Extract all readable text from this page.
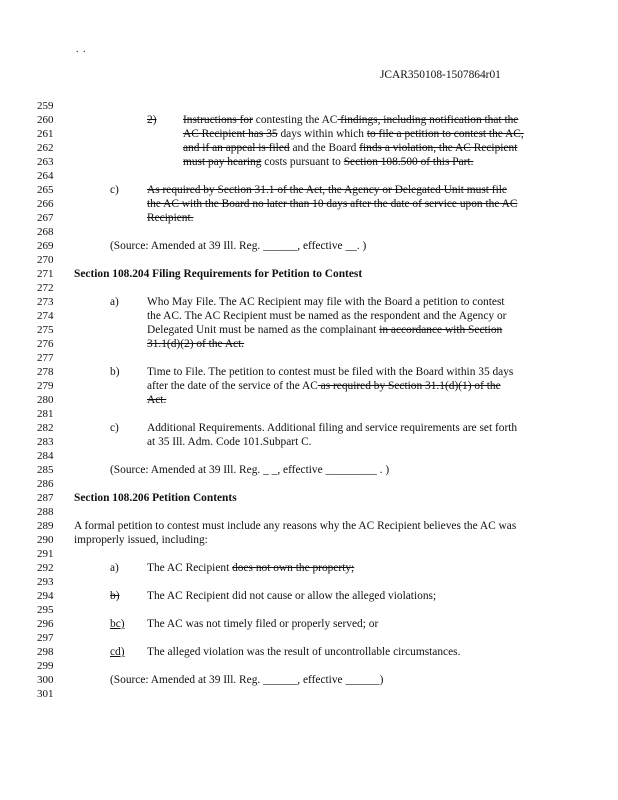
. .
JCAR350108-1507864r01
259
260
261
262
263
264
265
266
267
268
269
270
271
272
273
274
275
276
277
278
279
280
281
282
283
284
285
286
287
288
289
290
291
292
293
294
295
296
297
298
299
300
301
2) Instructions for contesting the AC findings, including notification that the
AC Recipient has 35 days within which to file a petition to contest the AC,
and if an appeal is filed and the Board finds a violation, the AC Recipient
must pay hearing costs pursuant to Section 108.500 of this Part.
c) As required by Section 31.1 of the Act, the Agency or Delegated Unit must file
the AC with the Board no later than 10 days after the date of service upon the AC
Recipient.
(Source: Amended at 39 Ill. Reg. ______, effective __. )
Section 108.204 Filing Requirements for Petition to Contest
a) Who May File. The AC Recipient may file with the Board a petition to contest
the AC. The AC Recipient must be named as the respondent and the Agency or
Delegated Unit must be named as the complainant in accordance with Section
31.1(d)(2) of the Act.
b) Time to File. The petition to contest must be filed with the Board within 35 days
after the date of the service of the AC as required by Section 31.1(d)(1) of the
Act.
c) Additional Requirements. Additional filing and service requirements are set forth
at 35 Ill. Adm. Code 101.Subpart C.
(Source: Amended at 39 Ill. Reg. _ _, effective _________ . )
Section 108.206 Petition Contents
A formal petition to contest must include any reasons why the AC Recipient believes the AC was
improperly issued, including:
a) The AC Recipient does not own the property;
b) The AC Recipient did not cause or allow the alleged violations;
bc) The AC was not timely filed or properly served; or
cd) The alleged violation was the result of uncontrollable circumstances.
(Source: Amended at 39 Ill. Reg. ______, effective ______)
